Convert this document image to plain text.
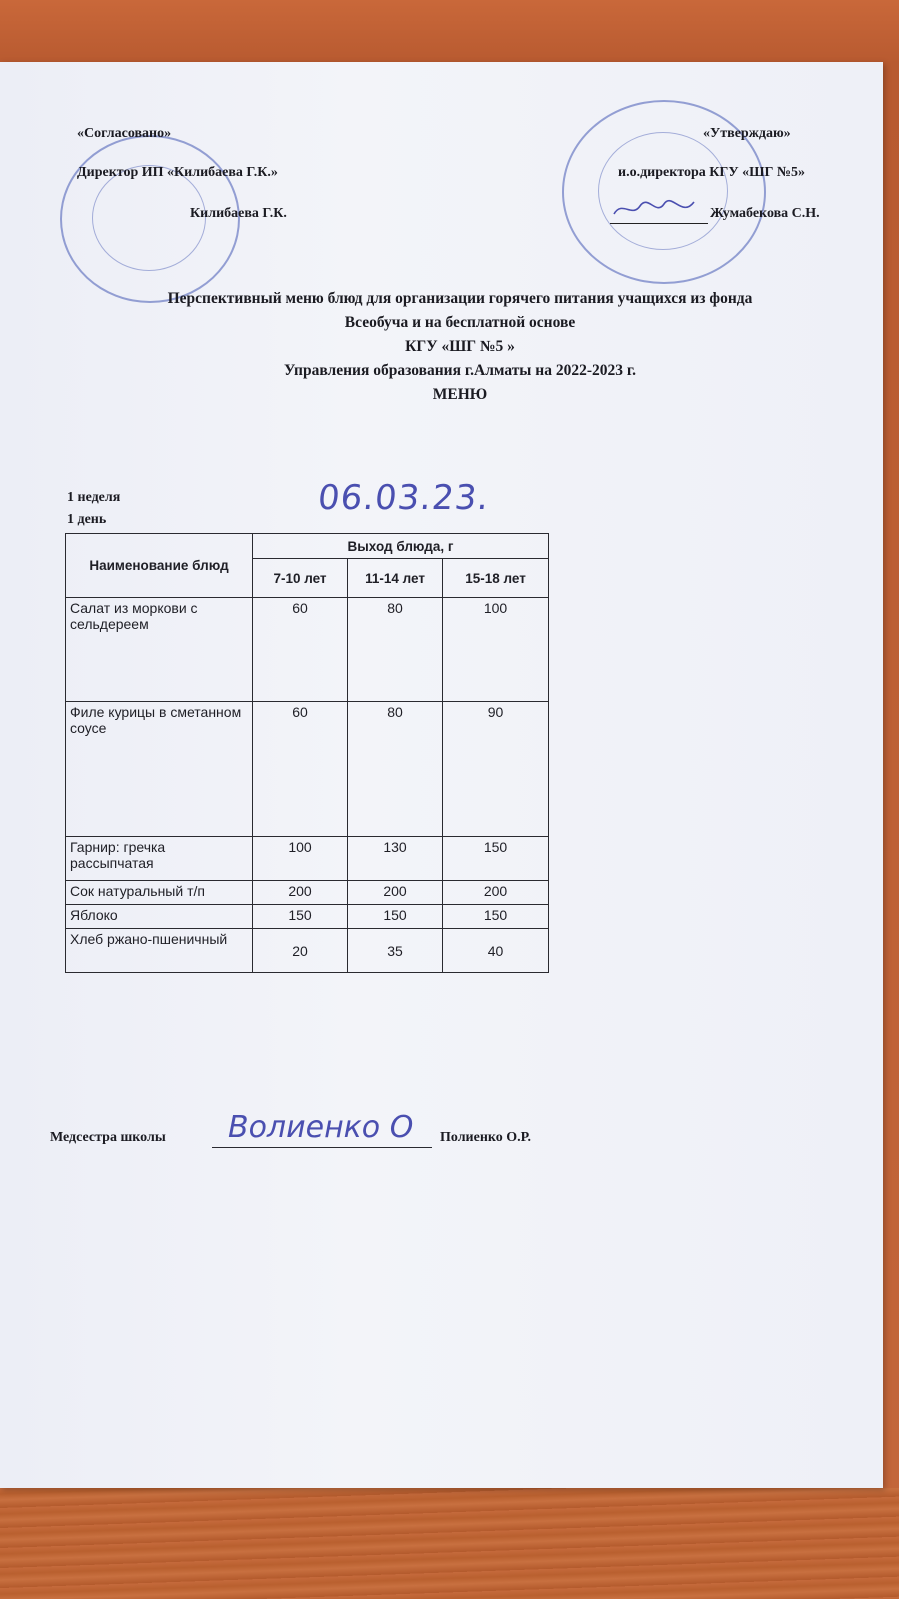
«Согласовано»
Директор ИП «Килибаева Г.К.»
Килибаева Г.К.
«Утверждаю»
и.о.директора КГУ «ШГ №5»
Жумабекова С.Н.
Перспективный меню блюд для организации горячего питания учащихся из фонда
Всеобуча и на бесплатной основе
КГУ «ШГ №5 »
Управления образования г.Алматы на 2022-2023 г.
МЕНЮ
1 неделя
1 день
06.03.23.
Наименование блюд	Выход блюда, г		
	7-10 лет	11-14 лет	15-18 лет
Салат из моркови с сельдереем	60	80	100
Филе курицы в сметанном соусе	60	80	90
Гарнир: гречка рассыпчатая	100	130	150
Сок натуральный т/п	200	200	200
Яблоко	150	150	150
Хлеб ржано-пшеничный	20	35	40
Медсестра школы Волиенко О Полиенко О.Р.
